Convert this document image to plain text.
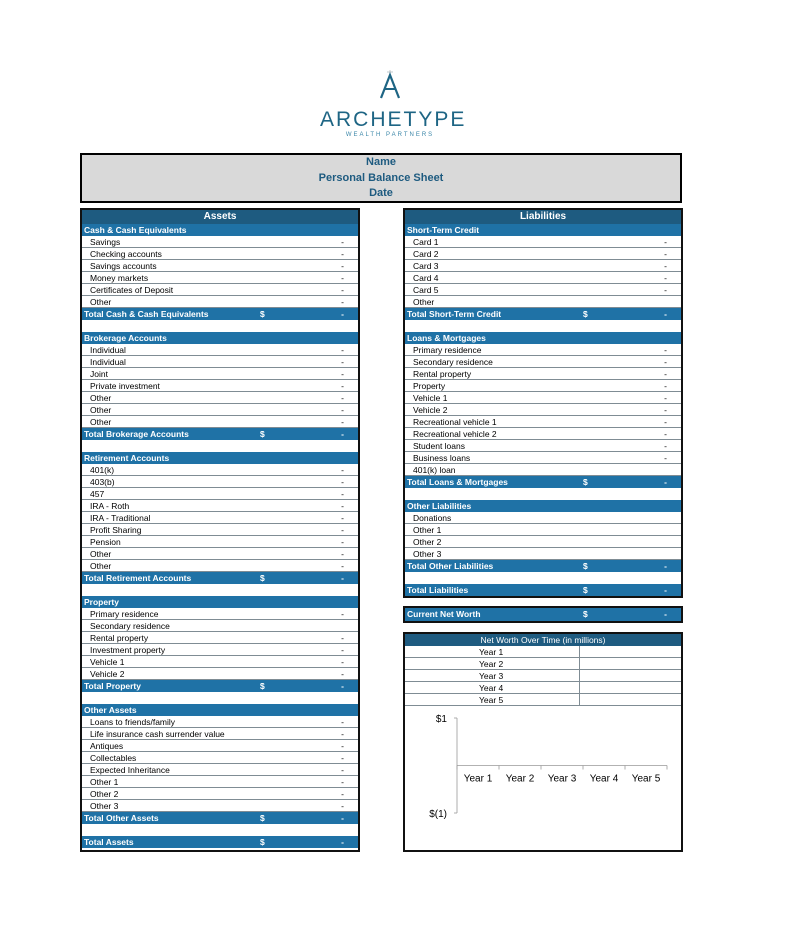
ARCHETYPE
WEALTH PARTNERS
Name
Personal Balance Sheet
Date
Assets
Cash & Cash Equivalents
Savings	-
Checking accounts	-
Savings accounts	-
Money markets	-
Certificates of Deposit	-
Other	-
Total Cash & Cash Equivalents	$	-
Brokerage Accounts
Individual	-
Individual	-
Joint	-
Private investment	-
Other	-
Other	-
Other	-
Total Brokerage Accounts	$	-
Retirement Accounts
401(k)	-
403(b)	-
457	-
IRA - Roth	-
IRA - Traditional	-
Profit Sharing	-
Pension	-
Other	-
Other	-
Total Retirement Accounts	$	-
Property
Primary residence	-
Secondary residence
Rental property	-
Investment property	-
Vehicle 1	-
Vehicle 2	-
Total Property	$	-
Other Assets
Loans to friends/family	-
Life insurance cash surrender value	-
Antiques	-
Collectables	-
Expected Inheritance	-
Other 1	-
Other 2	-
Other 3	-
Total Other Assets	$	-
Total Assets	$	-
Liabilities
Short-Term Credit
Card 1	-
Card 2	-
Card 3	-
Card 4	-
Card 5	-
Other
Total Short-Term Credit	$	-
Loans & Mortgages
Primary residence	-
Secondary residence	-
Rental property	-
Property	-
Vehicle 1	-
Vehicle 2	-
Recreational vehicle 1	-
Recreational vehicle 2	-
Student loans	-
Business loans	-
401(k) loan
Total Loans & Mortgages	$	-
Other Liabilities
Donations
Other 1
Other 2
Other 3
Total Other Liabilities	$	-
Total Liabilities	$	-
Current Net Worth	$	-
Net Worth Over Time (in millions)
Year 1
Year 2
Year 3
Year 4
Year 5
$1
$(1)
Year 1 Year 2 Year 3 Year 4 Year 5
